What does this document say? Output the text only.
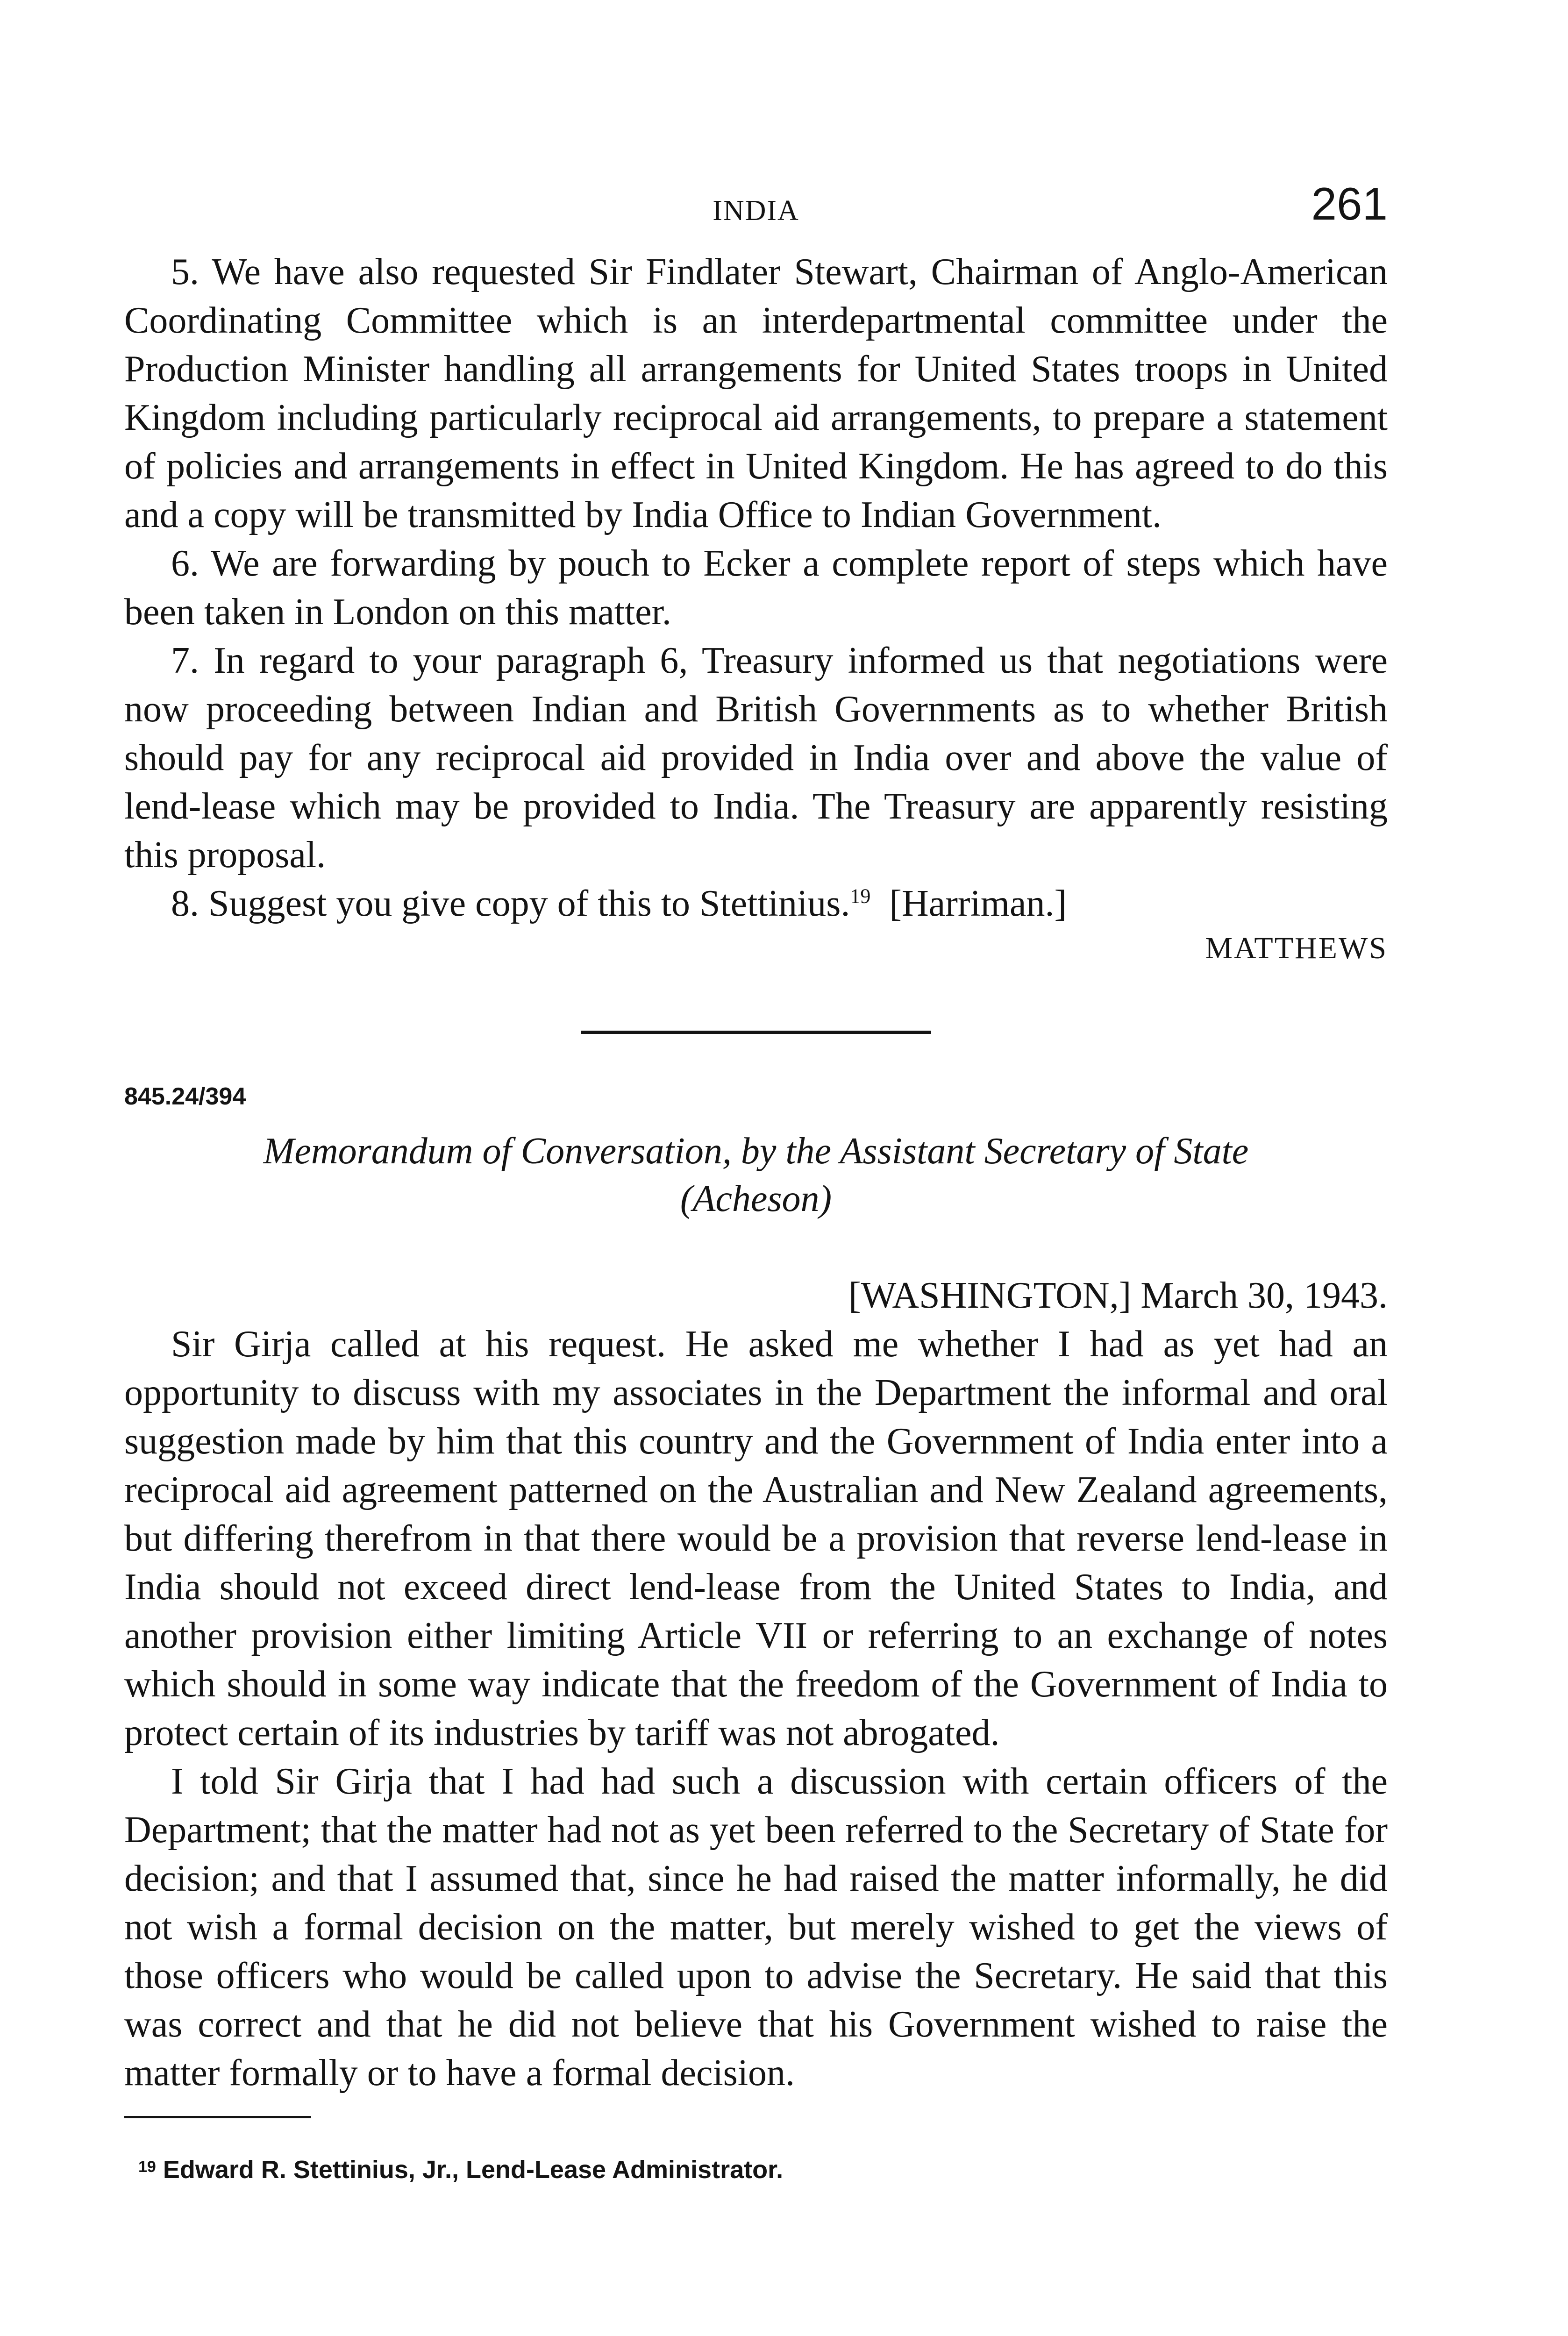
INDIA	261

5. We have also requested Sir Findlater Stewart, Chairman of Anglo-American Coordinating Committee which is an interdepartmental committee under the Production Minister handling all arrangements for United States troops in United Kingdom including particularly reciprocal aid arrangements, to prepare a statement of policies and arrangements in effect in United Kingdom. He has agreed to do this and a copy will be transmitted by India Office to Indian Government.

6. We are forwarding by pouch to Ecker a complete report of steps which have been taken in London on this matter.

7. In regard to your paragraph 6, Treasury informed us that negotiations were now proceeding between Indian and British Governments as to whether British should pay for any reciprocal aid provided in India over and above the value of lend-lease which may be provided to India. The Treasury are apparently resisting this proposal.

8. Suggest you give copy of this to Stettinius.$^{19}$  [Harriman.]

MATTHEWS
845.24/394
Memorandum of Conversation, by the Assistant Secretary of State
(Acheson)
[WASHINGTON,] March 30, 1943.

Sir Girja called at his request. He asked me whether I had as yet had an opportunity to discuss with my associates in the Department the informal and oral suggestion made by him that this country and the Government of India enter into a reciprocal aid agreement patterned on the Australian and New Zealand agreements, but differing therefrom in that there would be a provision that reverse lend-lease in India should not exceed direct lend-lease from the United States to India, and another provision either limiting Article VII or referring to an exchange of notes which should in some way indicate that the freedom of the Government of India to protect certain of its industries by tariff was not abrogated.

I told Sir Girja that I had had such a discussion with certain officers of the Department; that the matter had not as yet been referred to the Secretary of State for decision; and that I assumed that, since he had raised the matter informally, he did not wish a formal decision on the matter, but merely wished to get the views of those officers who would be called upon to advise the Secretary. He said that this was correct and that he did not believe that his Government wished to raise the matter formally or to have a formal decision.

$^{19}$ Edward R. Stettinius, Jr., Lend-Lease Administrator.
